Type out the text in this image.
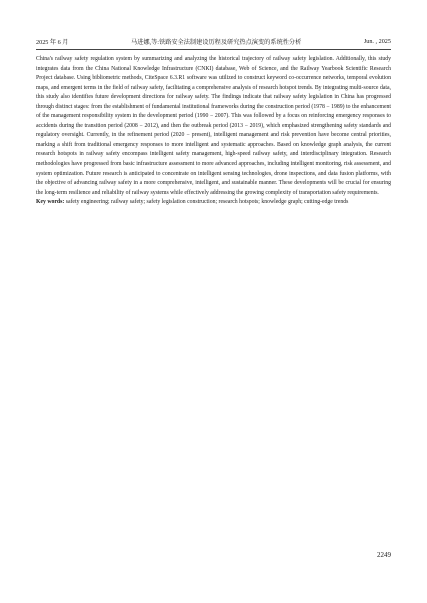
2025 年 6 月	马进娜,等:铁路安全法制建设历程及研究热点演变的系统性分析	Jun. , 2025

China's railway safety regulation system by summarizing and analyzing the historical trajectory of railway safety legislation. Additionally, this study integrates data from the China National Knowledge Infrastructure (CNKI) database, Web of Science, and the Railway Yearbook Scientific Research Project database. Using bibliometric methods, CiteSpace 6.3.R1 software was utilized to construct keyword co-occurrence networks, temporal evolution maps, and emergent terms in the field of railway safety, facilitating a comprehensive analysis of research hotspot trends. By integrating multi-source data, this study also identifies future development directions for railway safety. The findings indicate that railway safety legislation in China has progressed through distinct stages: from the establishment of fundamental institutional frameworks during the construction period (1978 − 1989) to the enhancement of the management responsibility system in the development period (1990 − 2007). This was followed by a focus on reinforcing emergency responses to accidents during the transition period (2008 − 2012), and then the outbreak period (2013 − 2019), which emphasized strengthening safety standards and regulatory oversight. Currently, in the refinement period (2020 − present), intelligent management and risk prevention have become central priorities, marking a shift from traditional emergency responses to more intelligent and systematic approaches. Based on knowledge graph analysis, the current research hotspots in railway safety encompass intelligent safety management, high-speed railway safety, and interdisciplinary integration. Research methodologies have progressed from basic infrastructure assessment to more advanced approaches, including intelligent monitoring, risk assessment, and system optimization. Future research is anticipated to concentrate on intelligent sensing technologies, drone inspections, and data fusion platforms, with the objective of advancing railway safety in a more comprehensive, intelligent, and sustainable manner. These developments will be crucial for ensuring the long-term resilience and reliability of railway systems while effectively addressing the growing complexity of transportation safety requirements.

Key words: safety engineering; railway safety; safety legislation construction; research hotspots; knowledge graph; cutting-edge trends

2249
